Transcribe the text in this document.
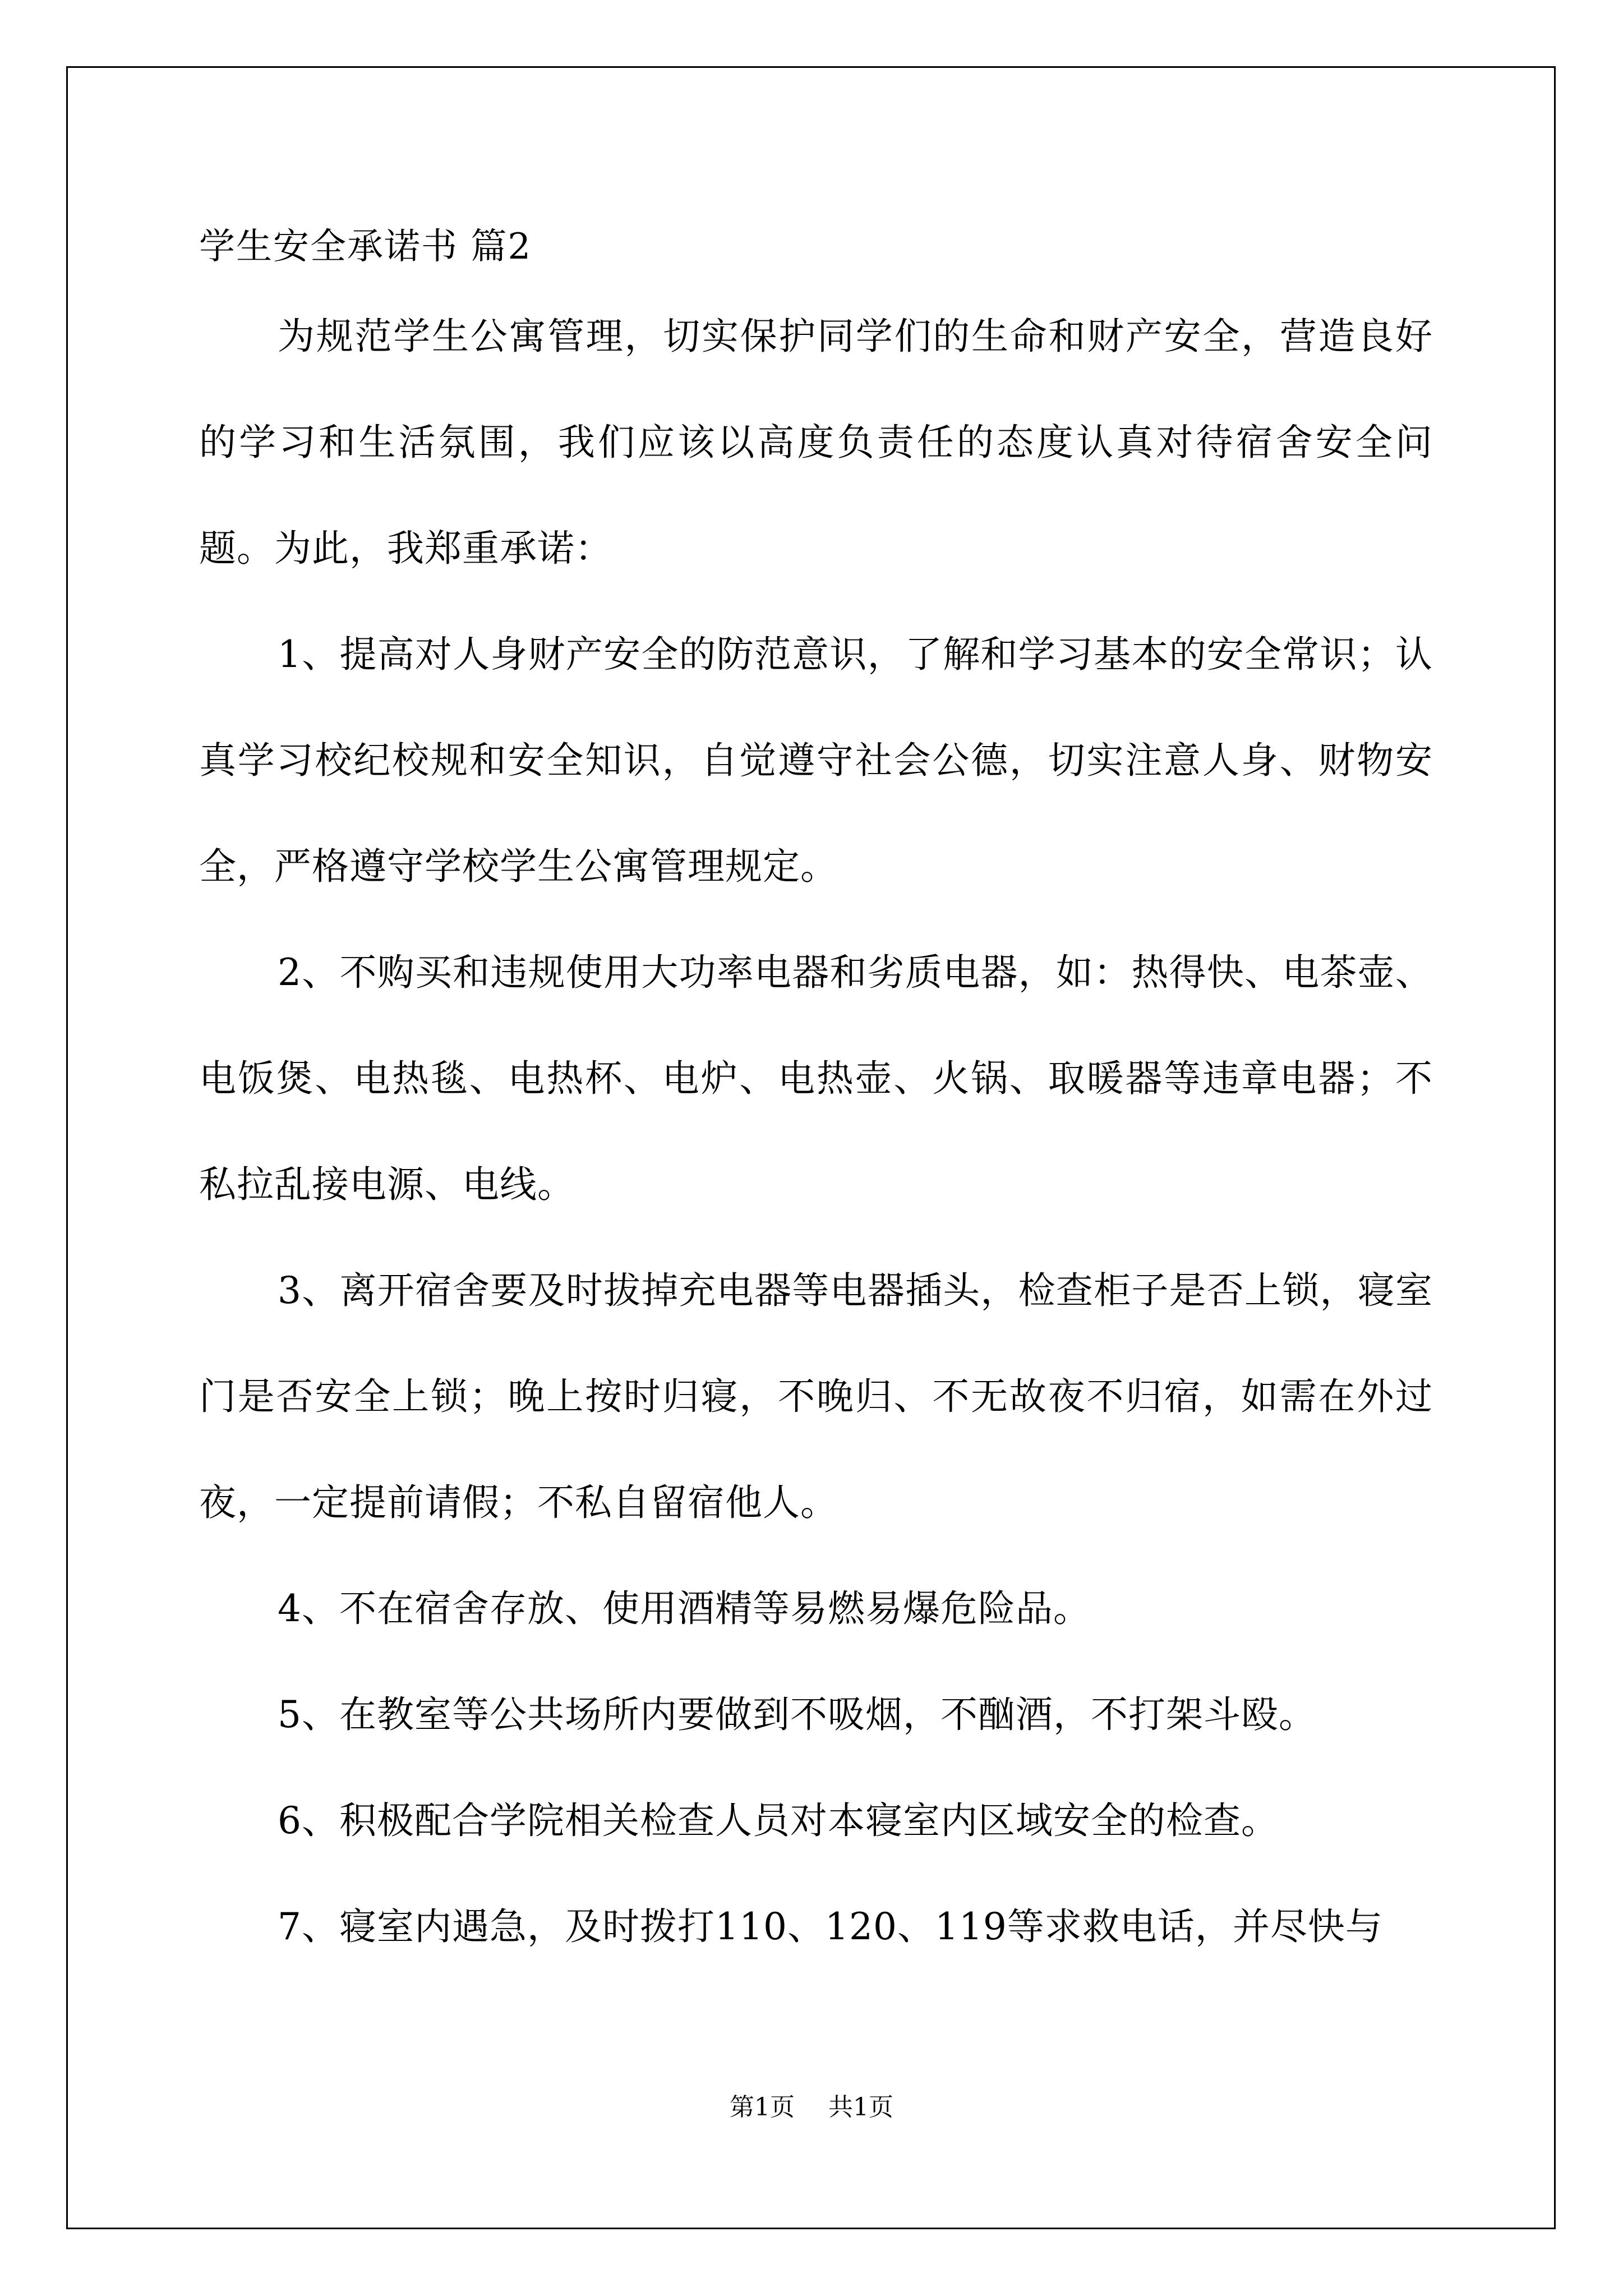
学生安全承诺书 篇2

为规范学生公寓管理，切实保护同学们的生命和财产安全，营造良好的学习和生活氛围，我们应该以高度负责任的态度认真对待宿舍安全问题。为此，我郑重承诺：

1、提高对人身财产安全的防范意识，了解和学习基本的安全常识；认真学习校纪校规和安全知识，自觉遵守社会公德，切实注意人身、财物安全，严格遵守学校学生公寓管理规定。

2、不购买和违规使用大功率电器和劣质电器，如：热得快、电茶壶、电饭煲、电热毯、电热杯、电炉、电热壶、火锅、取暖器等违章电器；不私拉乱接电源、电线。

3、离开宿舍要及时拔掉充电器等电器插头，检查柜子是否上锁，寝室门是否安全上锁；晚上按时归寝，不晚归、不无故夜不归宿，如需在外过夜，一定提前请假；不私自留宿他人。

4、不在宿舍存放、使用酒精等易燃易爆危险品。

5、在教室等公共场所内要做到不吸烟，不酗酒，不打架斗殴。

6、积极配合学院相关检查人员对本寝室内区域安全的检查。

7、寝室内遇急，及时拨打110、120、119等求救电话，并尽快与

第1页 共1页
